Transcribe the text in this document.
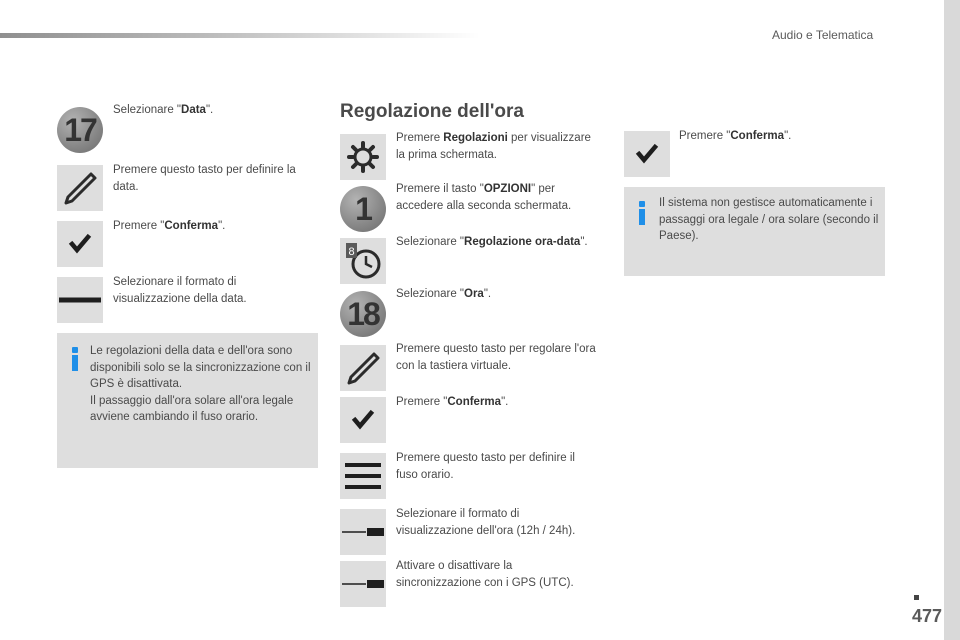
Audio e Telematica
17
Selezionare "Data".
Premere questo tasto per definire la data.
Premere "Conferma".
Selezionare il formato di visualizzazione della data.
Le regolazioni della data e dell'ora sono disponibili solo se la sincronizzazione con il GPS è disattivata.
Il passaggio dall'ora solare all'ora legale avviene cambiando il fuso orario.
Regolazione dell'ora
Premere Regolazioni per visualizzare la prima schermata.
1
Premere il tasto "OPZIONI" per accedere alla seconda schermata.
8
Selezionare "Regolazione ora-data".
18
Selezionare "Ora".
Premere questo tasto per regolare l'ora con la tastiera virtuale.
Premere "Conferma".
Premere questo tasto per definire il fuso orario.
Selezionare il formato di visualizzazione dell'ora (12h / 24h).
Attivare o disattivare la sincronizzazione con i GPS (UTC).
Premere "Conferma".
Il sistema non gestisce automaticamente i passaggi ora legale / ora solare (secondo il Paese).
477
